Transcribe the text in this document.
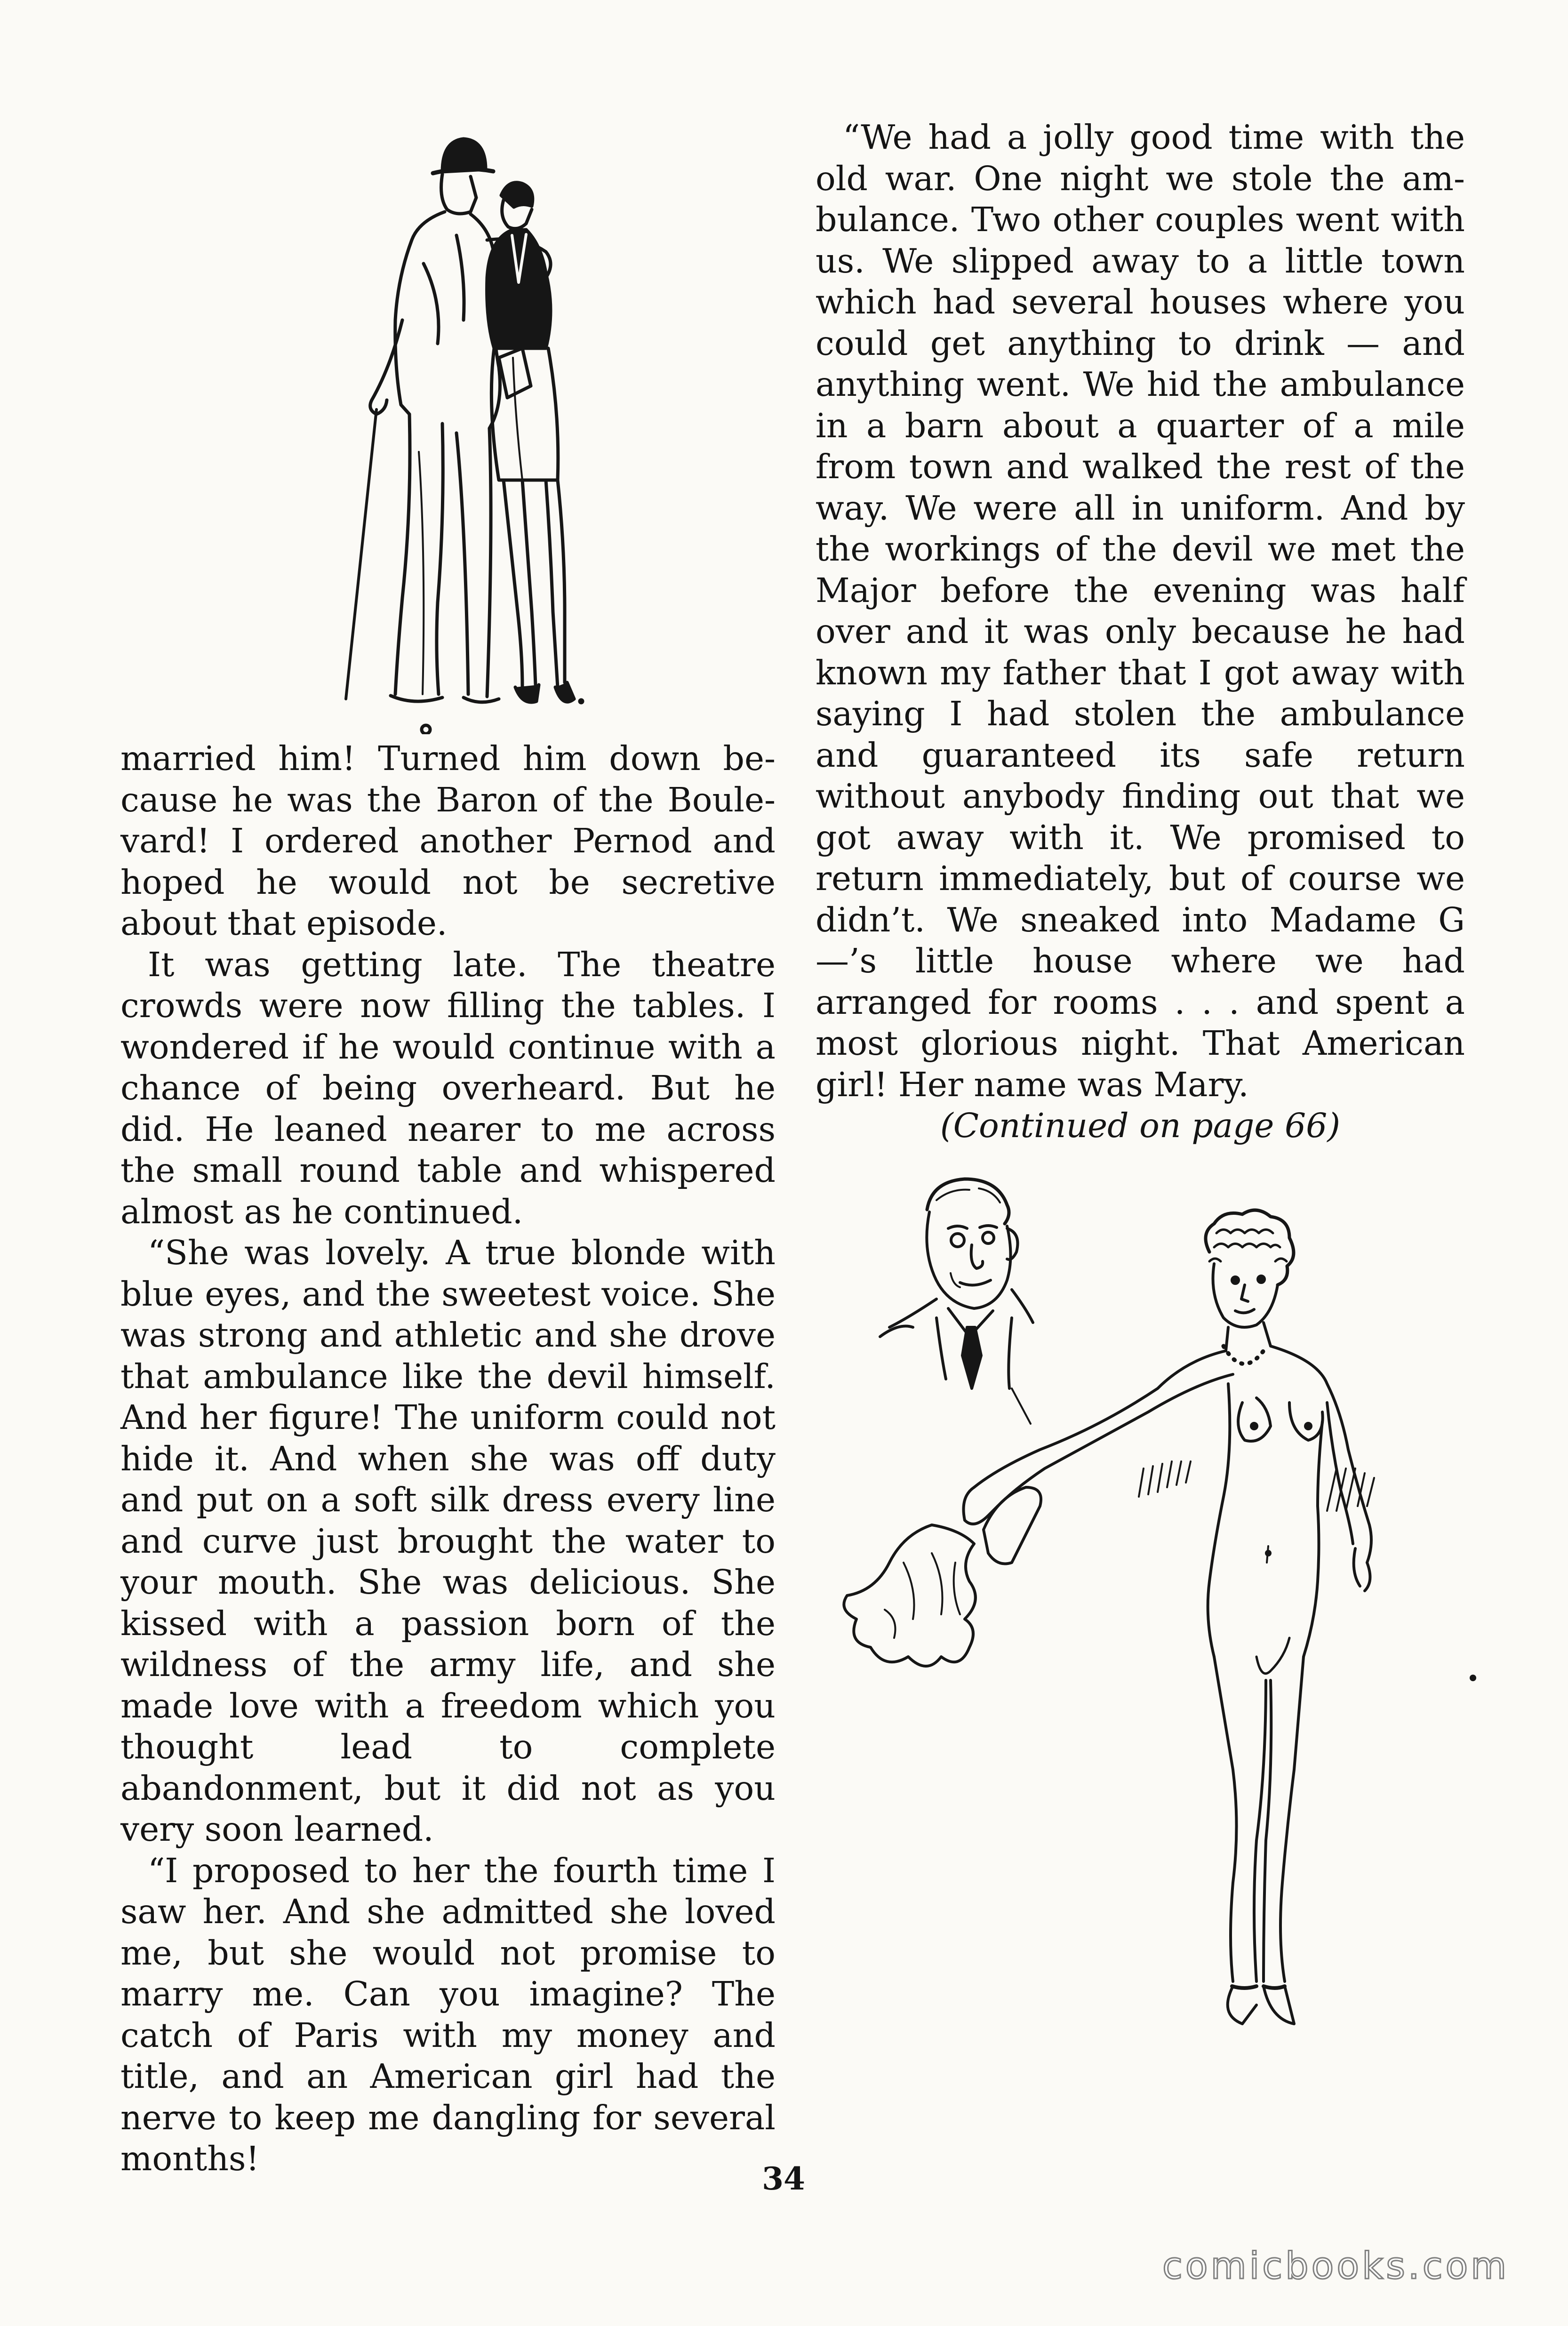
married him! Turned him down because he was the Baron of the Boulevard! I ordered another Pernod and hoped he would not be secretive about that episode.

It was getting late. The theatre crowds were now filling the tables. I wondered if he would continue with a chance of being overheard. But he did. He leaned nearer to me across the small round table and whispered almost as he continued.

“She was lovely. A true blonde with blue eyes, and the sweetest voice. She was strong and athletic and she drove that ambulance like the devil himself. And her figure! The uniform could not hide it. And when she was off duty and put on a soft silk dress every line and curve just brought the water to your mouth. She was delicious. She kissed with a passion born of the wildness of the army life, and she made love with a freedom which you thought lead to complete abandonment, but it did not as you very soon learned.

“I proposed to her the fourth time I saw her. And she admitted she loved me, but she would not promise to marry me. Can you imagine? The catch of Paris with my money and title, and an American girl had the nerve to keep me dangling for several months!

“We had a jolly good time with the old war. One night we stole the ambulance. Two other couples went with us. We slipped away to a little town which had several houses where you could get anything to drink — and anything went. We hid the ambulance in a barn about a quarter of a mile from town and walked the rest of the way. We were all in uniform. And by the workings of the devil we met the Major before the evening was half over and it was only because he had known my father that I got away with saying I had stolen the ambulance and guaranteed its safe return without anybody finding out that we got away with it. We promised to return immediately, but of course we didn’t. We sneaked into Madame G—’s little house where we had arranged for rooms . . . and spent a most glorious night. That American girl! Her name was Mary.

(Continued on page 66)

34
comicbooks.com
